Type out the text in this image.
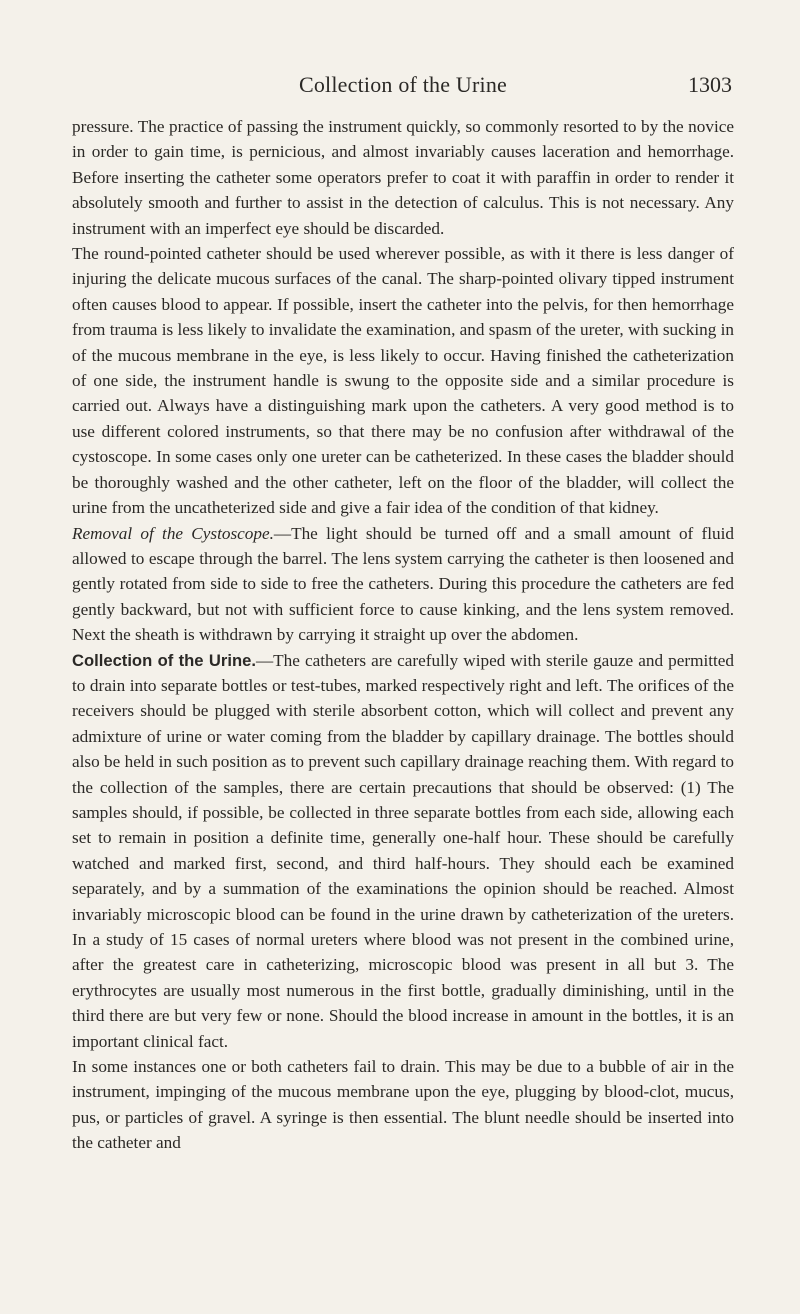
Collection of the Urine	1303

pressure. The practice of passing the instrument quickly, so commonly resorted to by the novice in order to gain time, is pernicious, and almost invariably causes laceration and hemorrhage. Before inserting the catheter some operators prefer to coat it with paraffin in order to render it absolutely smooth and further to assist in the detection of calculus. This is not necessary. Any instrument with an imperfect eye should be discarded.

The round-pointed catheter should be used wherever possible, as with it there is less danger of injuring the delicate mucous surfaces of the canal. The sharp-pointed olivary tipped instrument often causes blood to appear. If possible, insert the catheter into the pelvis, for then hemorrhage from trauma is less likely to invalidate the examination, and spasm of the ureter, with sucking in of the mucous membrane in the eye, is less likely to occur. Having finished the catheterization of one side, the instrument handle is swung to the opposite side and a similar procedure is carried out. Always have a distinguishing mark upon the catheters. A very good method is to use different colored instruments, so that there may be no confusion after withdrawal of the cystoscope. In some cases only one ureter can be catheterized. In these cases the bladder should be thoroughly washed and the other catheter, left on the floor of the bladder, will collect the urine from the uncatheterized side and give a fair idea of the condition of that kidney.

Removal of the Cystoscope.—The light should be turned off and a small amount of fluid allowed to escape through the barrel. The lens system carrying the catheter is then loosened and gently rotated from side to side to free the catheters. During this procedure the catheters are fed gently backward, but not with sufficient force to cause kinking, and the lens system removed. Next the sheath is withdrawn by carrying it straight up over the abdomen.

Collection of the Urine.—The catheters are carefully wiped with sterile gauze and permitted to drain into separate bottles or test-tubes, marked respectively right and left. The orifices of the receivers should be plugged with sterile absorbent cotton, which will collect and prevent any admixture of urine or water coming from the bladder by capillary drainage. The bottles should also be held in such position as to prevent such capillary drainage reaching them. With regard to the collection of the samples, there are certain precautions that should be observed: (1) The samples should, if possible, be collected in three separate bottles from each side, allowing each set to remain in position a definite time, generally one-half hour. These should be carefully watched and marked first, second, and third half-hours. They should each be examined separately, and by a summation of the examinations the opinion should be reached. Almost invariably microscopic blood can be found in the urine drawn by catheterization of the ureters. In a study of 15 cases of normal ureters where blood was not present in the combined urine, after the greatest care in catheterizing, microscopic blood was present in all but 3. The erythrocytes are usually most numerous in the first bottle, gradually diminishing, until in the third there are but very few or none. Should the blood increase in amount in the bottles, it is an important clinical fact.

In some instances one or both catheters fail to drain. This may be due to a bubble of air in the instrument, impinging of the mucous membrane upon the eye, plugging by blood-clot, mucus, pus, or particles of gravel. A syringe is then essential. The blunt needle should be inserted into the catheter and
